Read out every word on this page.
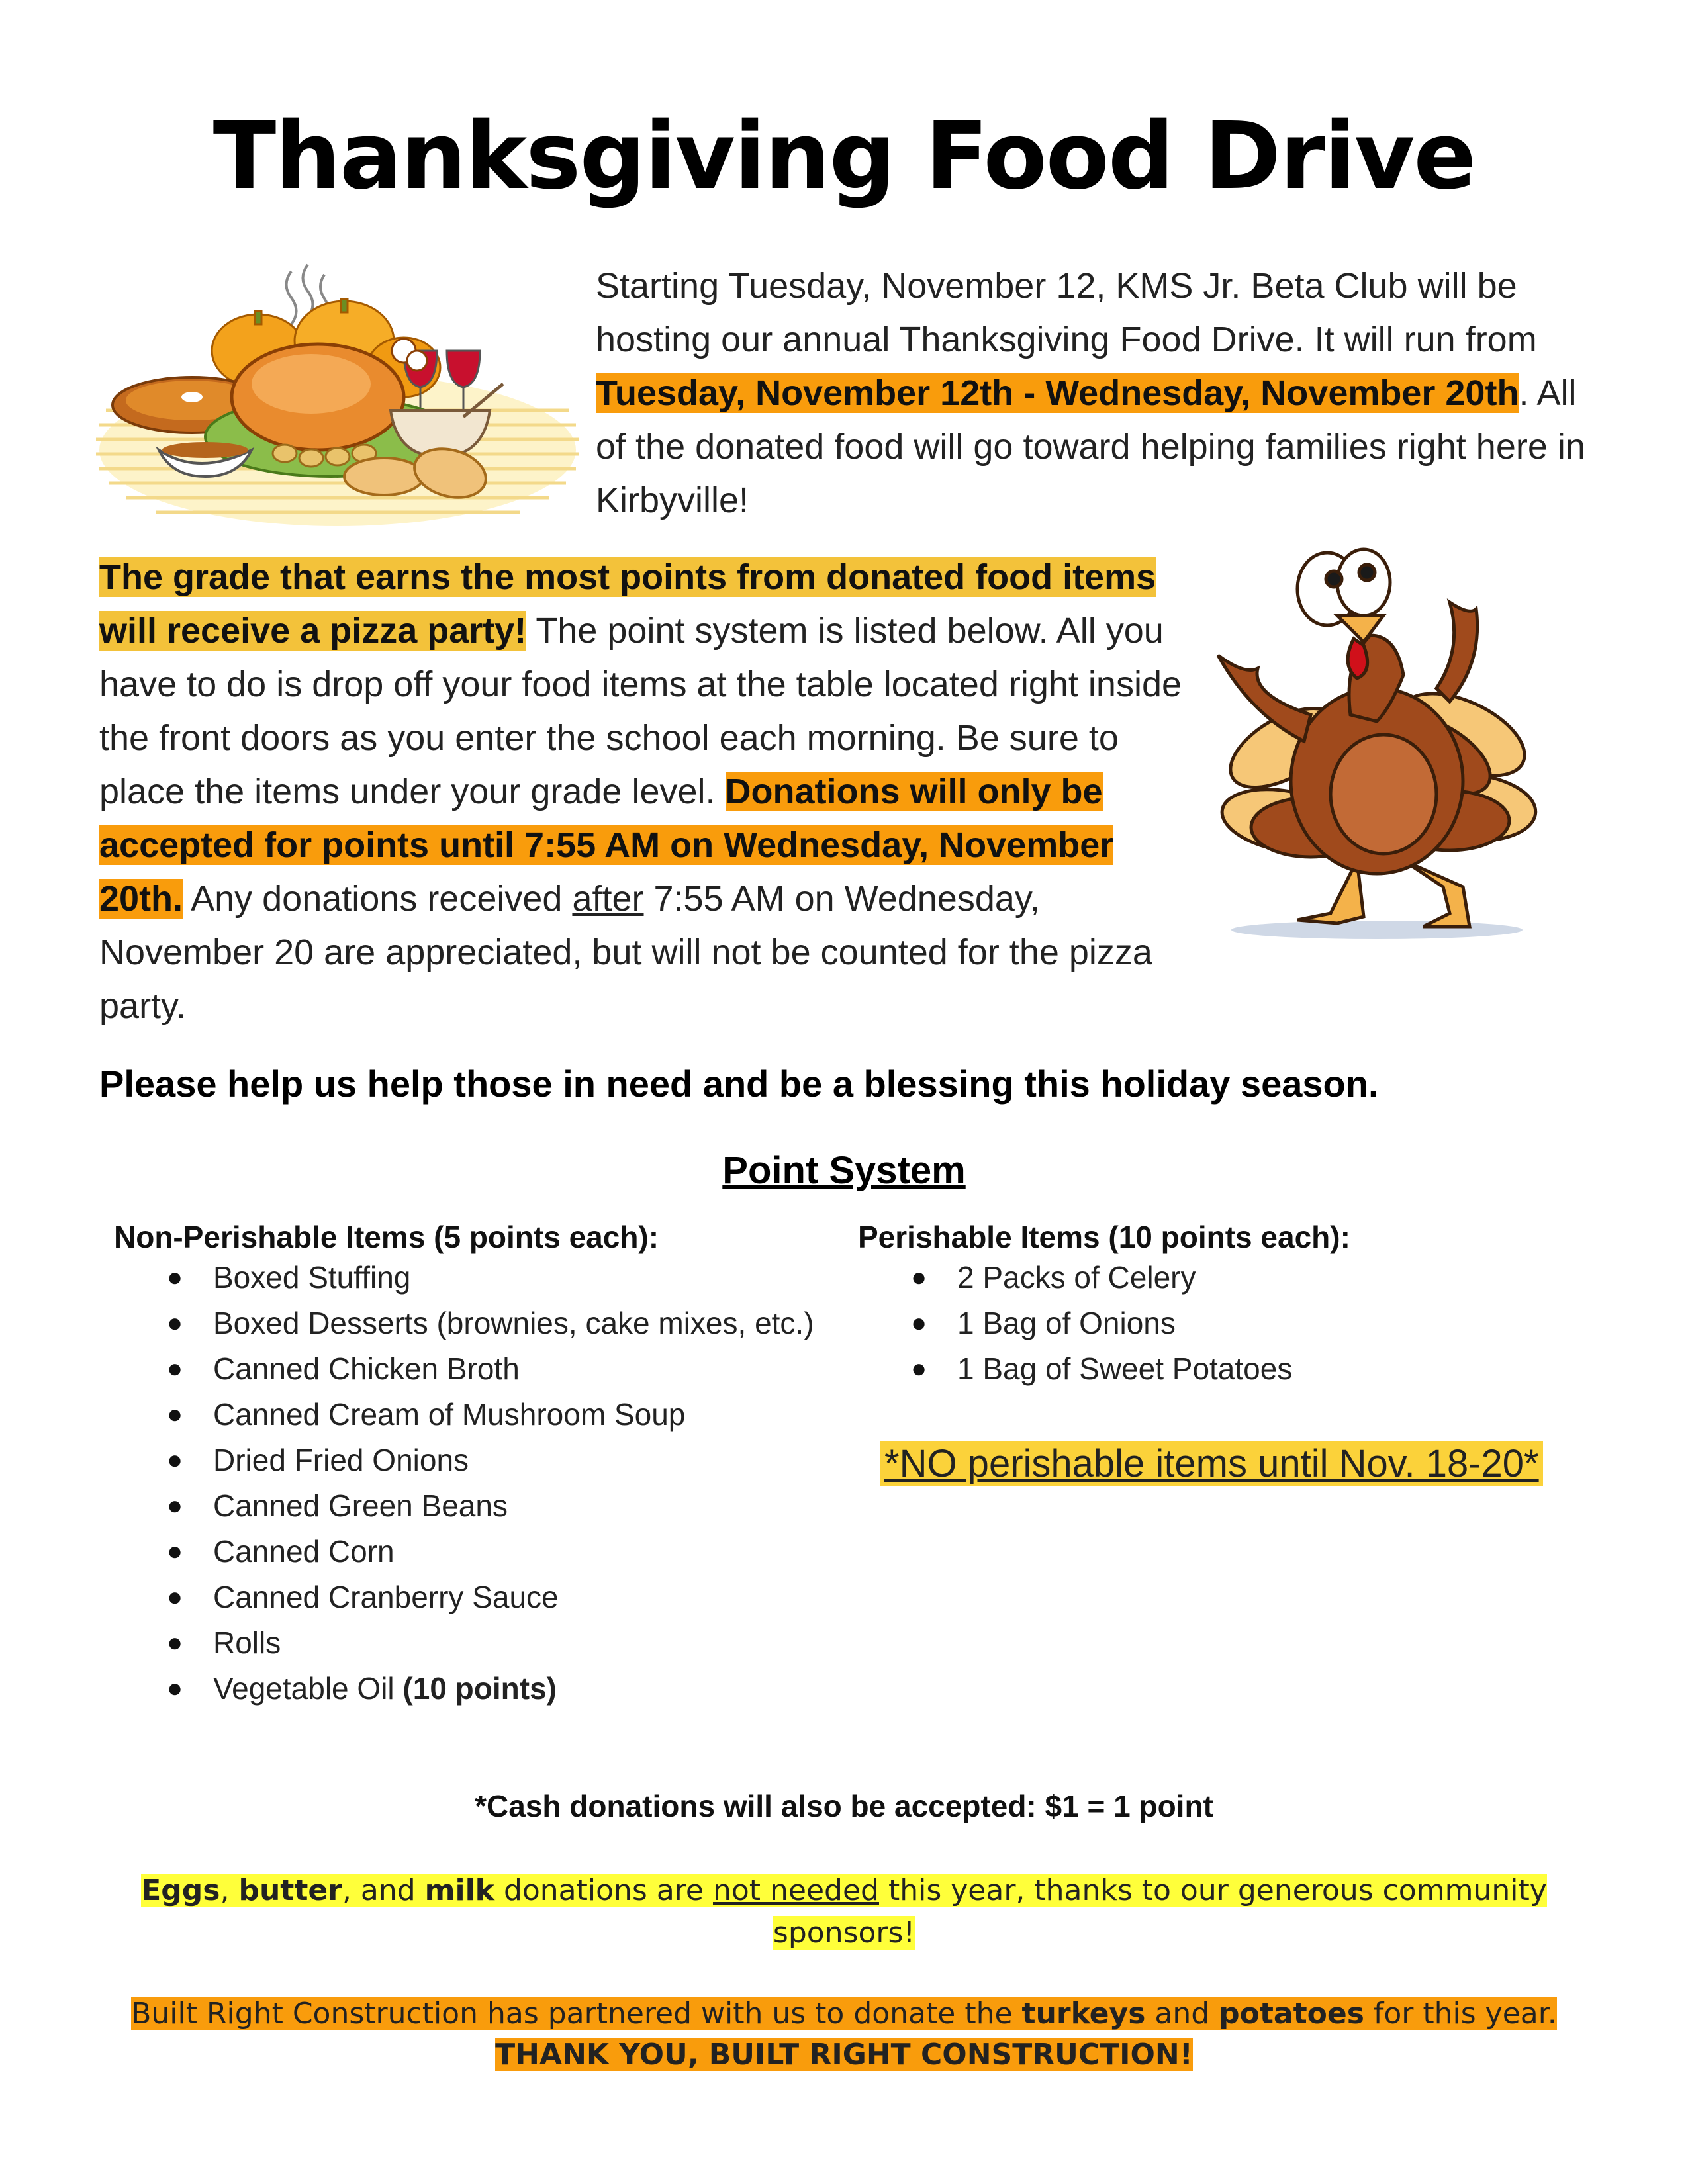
Thanksgiving Food Drive
Starting Tuesday, November 12, KMS Jr. Beta Club will be hosting our annual Thanksgiving Food Drive. It will run from Tuesday, November 12th - Wednesday, November 20th. All of the donated food will go toward helping families right here in Kirbyville!
The grade that earns the most points from donated food items will receive a pizza party! The point system is listed below. All you have to do is drop off your food items at the table located right inside the front doors as you enter the school each morning. Be sure to place the items under your grade level. Donations will only be accepted for points until 7:55 AM on Wednesday, November 20th. Any donations received after 7:55 AM on Wednesday, November 20 are appreciated, but will not be counted for the pizza party.
Please help us help those in need and be a blessing this holiday season.
Point System
Non-Perishable Items (5 points each):
● Boxed Stuffing
● Boxed Desserts (brownies, cake mixes, etc.)
● Canned Chicken Broth
● Canned Cream of Mushroom Soup
● Dried Fried Onions
● Canned Green Beans
● Canned Corn
● Canned Cranberry Sauce
● Rolls
● Vegetable Oil (10 points)
Perishable Items (10 points each):
● 2 Packs of Celery
● 1 Bag of Onions
● 1 Bag of Sweet Potatoes
*NO perishable items until Nov. 18-20*
*Cash donations will also be accepted: $1 = 1 point
Eggs, butter, and milk donations are not needed this year, thanks to our generous community sponsors!
Built Right Construction has partnered with us to donate the turkeys and potatoes for this year.
THANK YOU, BUILT RIGHT CONSTRUCTION!
